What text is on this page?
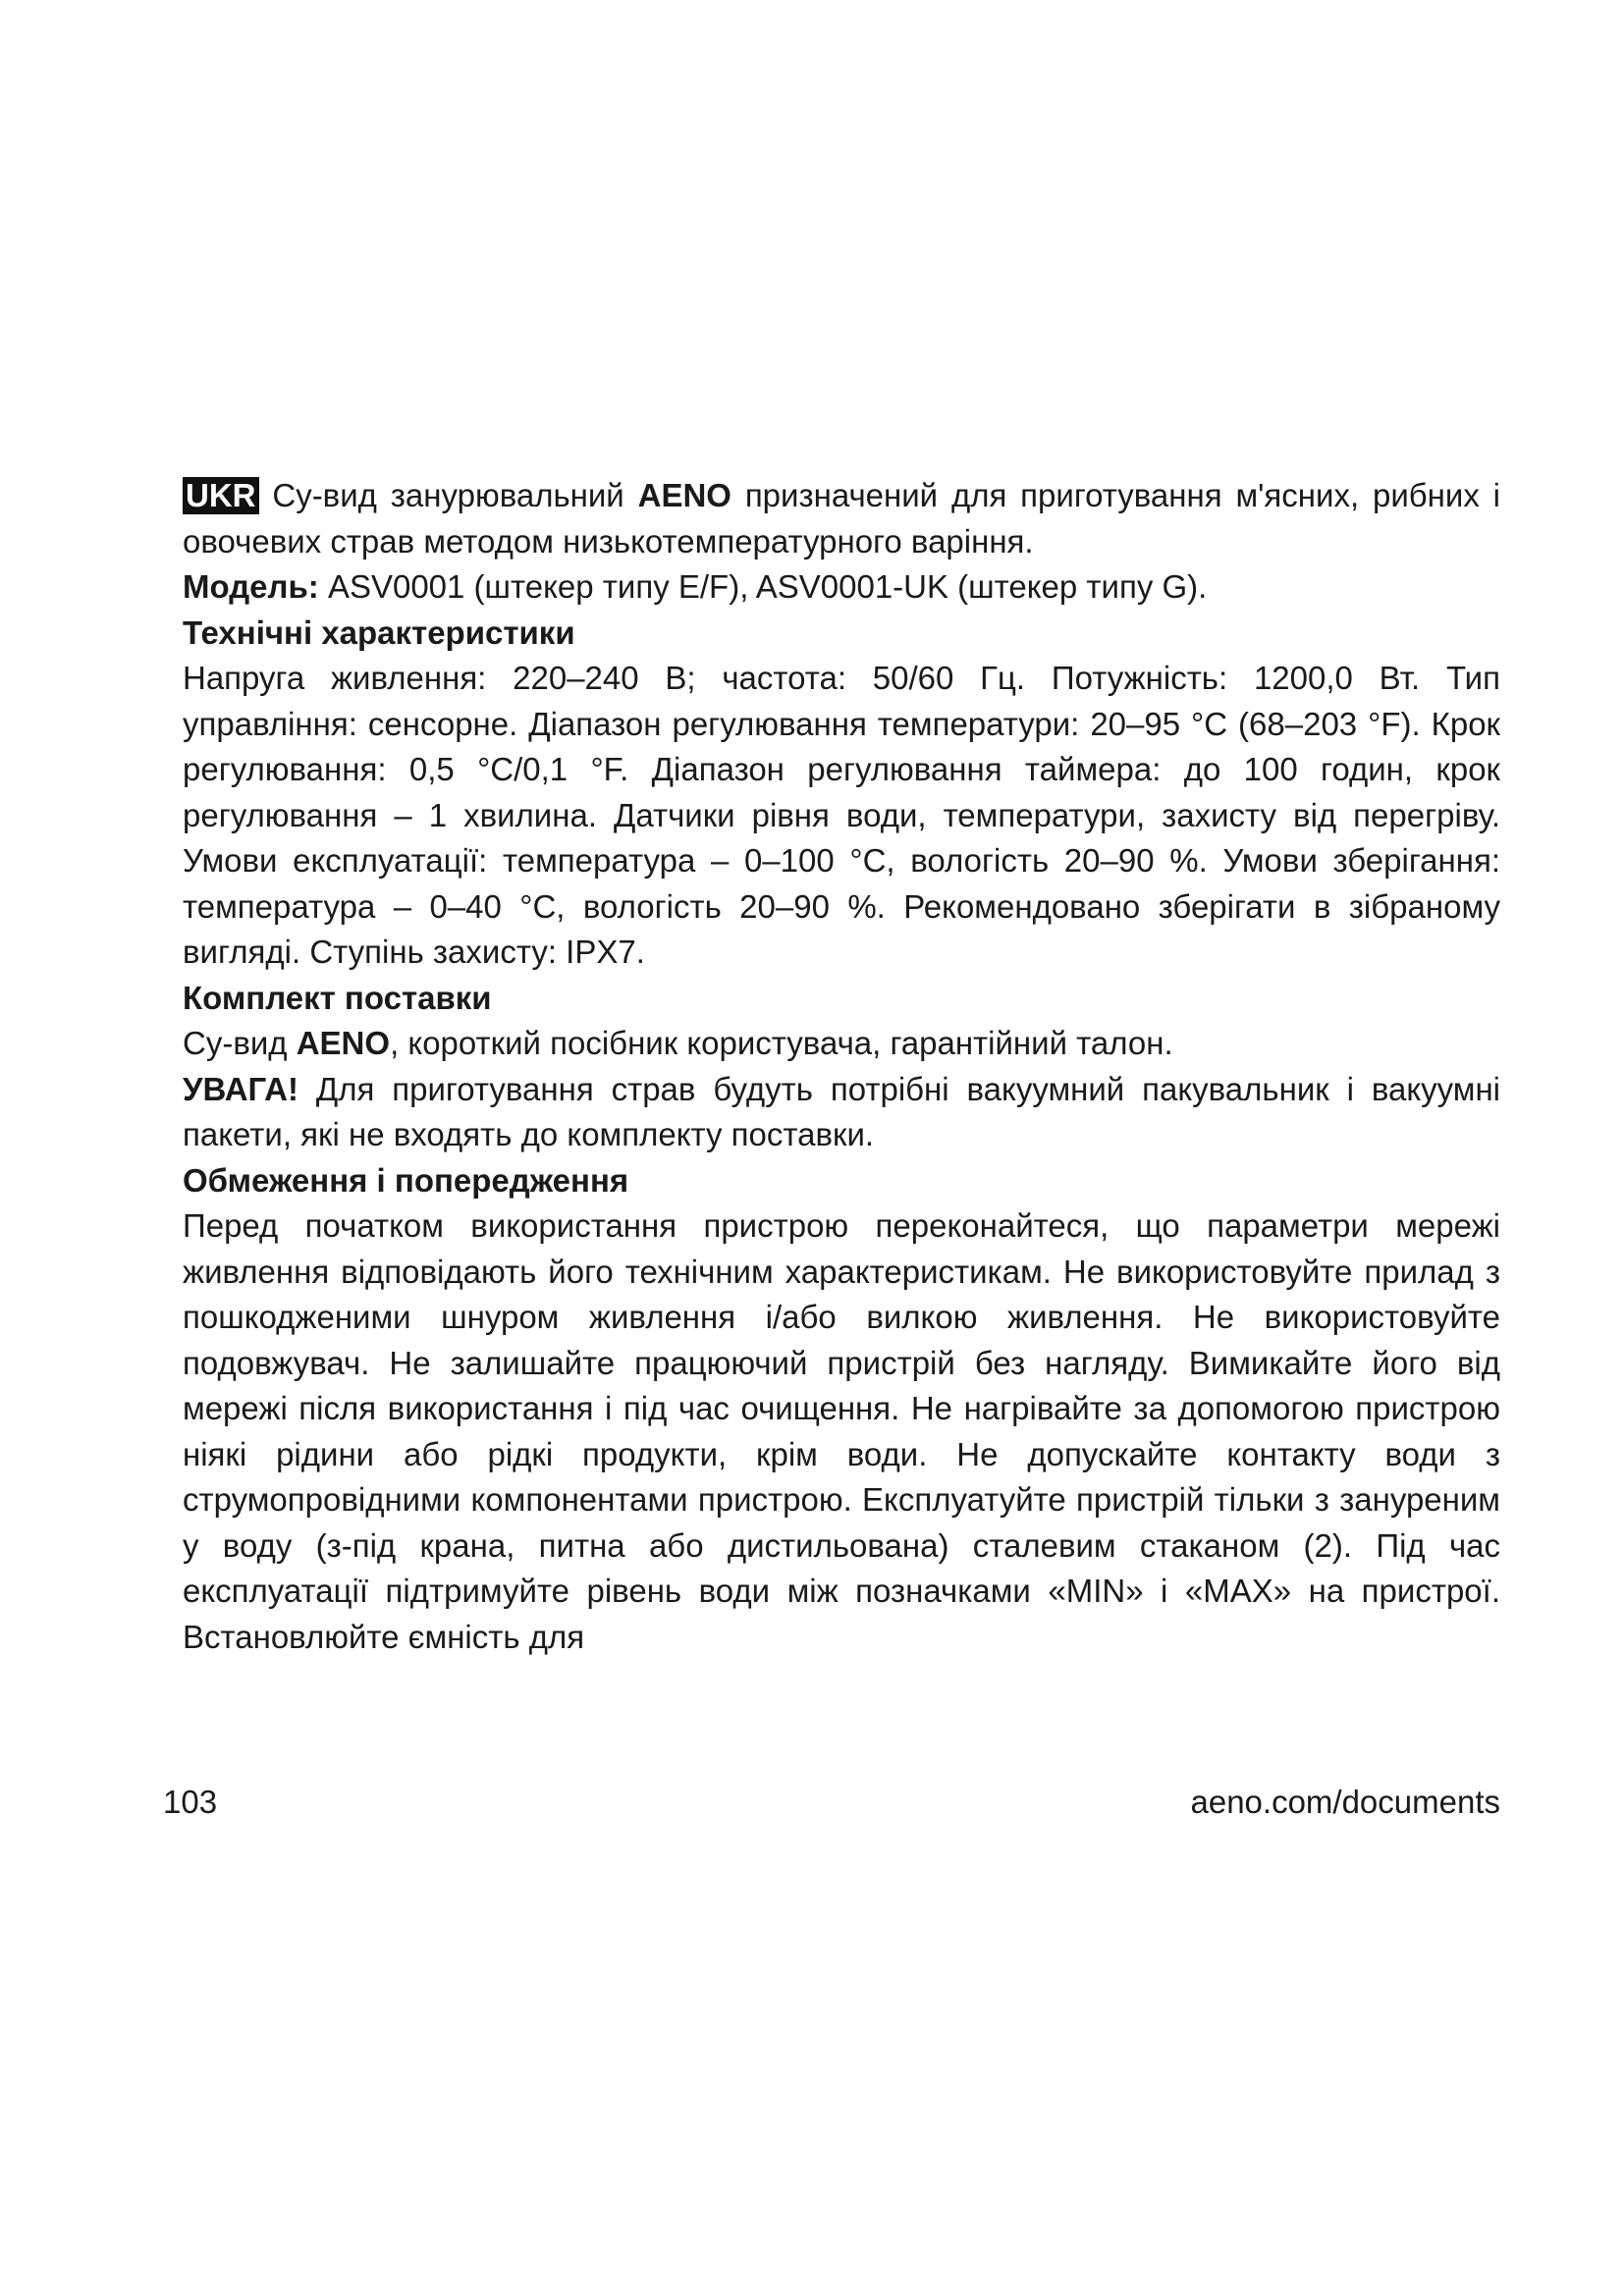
UKR Су-вид занурювальний AENO призначений для приготування м'ясних, рибних і овочевих страв методом низькотемпературного варіння.

Модель: ASV0001 (штекер типу E/F), ASV0001-UK (штекер типу G).

Технічні характеристики

Напруга живлення: 220–240 В; частота: 50/60 Гц. Потужність: 1200,0 Вт. Тип управління: сенсорне. Діапазон регулювання температури: 20–95 °C (68–203 °F). Крок регулювання: 0,5 °C/0,1 °F. Діапазон регулювання таймера: до 100 годин, крок регулювання – 1 хвилина. Датчики рівня води, температури, захисту від перегріву. Умови експлуатації: температура – 0–100 °C, вологість 20–90 %. Умови зберігання: температура – 0–40 °C, вологість 20–90 %. Рекомендовано зберігати в зібраному вигляді. Ступінь захисту: IPX7.

Комплект поставки

Су-вид AENO, короткий посібник користувача, гарантійний талон.

УВАГА! Для приготування страв будуть потрібні вакуумний пакувальник і вакуумні пакети, які не входять до комплекту поставки.

Обмеження і попередження

Перед початком використання пристрою переконайтеся, що параметри мережі живлення відповідають його технічним характеристикам. Не використовуйте прилад з пошкодженими шнуром живлення і/або вилкою живлення. Не використовуйте подовжувач. Не залишайте працюючий пристрій без нагляду. Вимикайте його від мережі після використання і під час очищення. Не нагрівайте за допомогою пристрою ніякі рідини або рідкі продукти, крім води. Не допускайте контакту води з струмопровідними компонентами пристрою. Експлуатуйте пристрій тільки з зануреним у воду (з-під крана, питна або дистильована) сталевим стаканом (2). Під час експлуатації підтримуйте рівень води між позначками «MIN» і «MAX» на пристрої. Встановлюйте ємність для

103	aeno.com/documents
